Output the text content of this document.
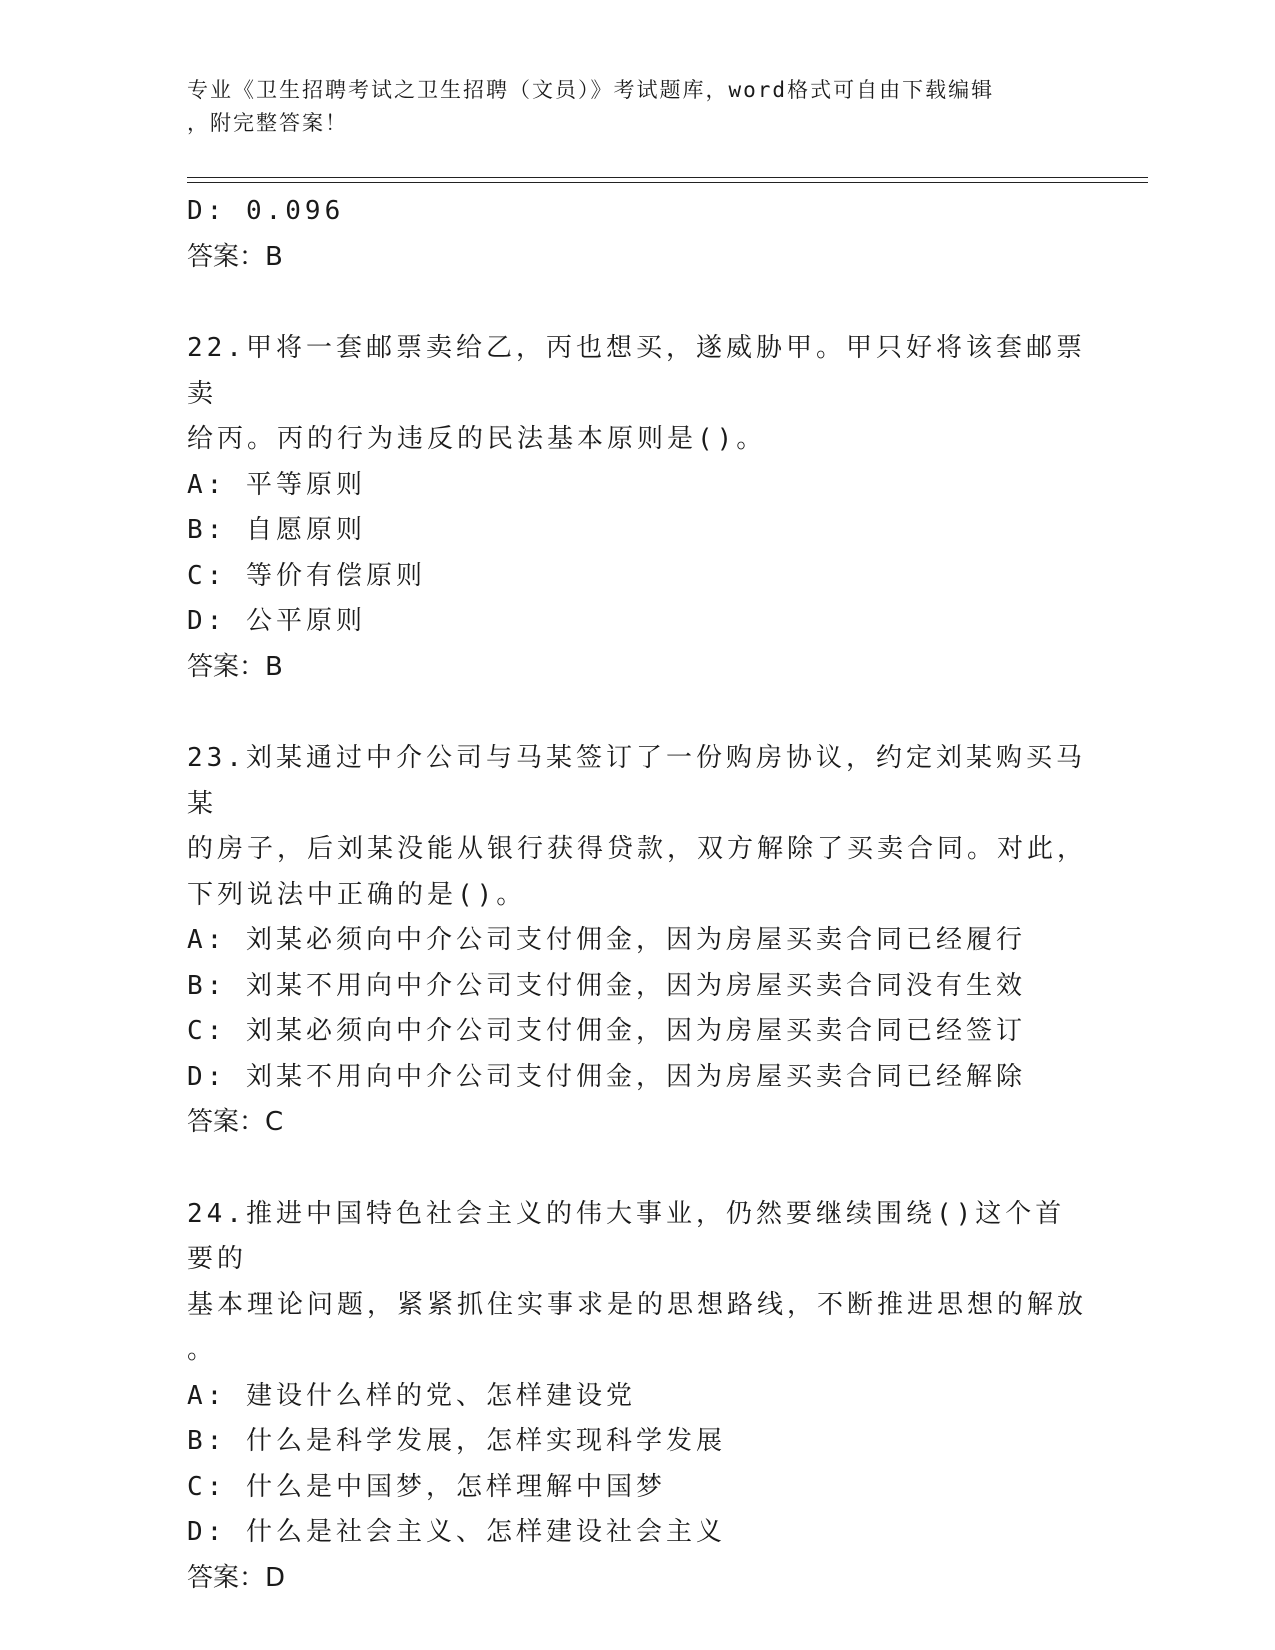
专业《卫生招聘考试之卫生招聘（文员）》考试题库，word格式可自由下载编辑
，附完整答案！
D: 0.096
答案：B
22.甲将一套邮票卖给乙，丙也想买，遂威胁甲。甲只好将该套邮票卖
给丙。丙的行为违反的民法基本原则是()。
A: 平等原则
B: 自愿原则
C: 等价有偿原则
D: 公平原则
答案：B
23.刘某通过中介公司与马某签订了一份购房协议，约定刘某购买马某
的房子，后刘某没能从银行获得贷款，双方解除了买卖合同。对此，
下列说法中正确的是()。
A: 刘某必须向中介公司支付佣金，因为房屋买卖合同已经履行
B: 刘某不用向中介公司支付佣金，因为房屋买卖合同没有生效
C: 刘某必须向中介公司支付佣金，因为房屋买卖合同已经签订
D: 刘某不用向中介公司支付佣金，因为房屋买卖合同已经解除
答案：C
24.推进中国特色社会主义的伟大事业，仍然要继续围绕()这个首要的
基本理论问题，紧紧抓住实事求是的思想路线，不断推进思想的解放
。
A: 建设什么样的党、怎样建设党
B: 什么是科学发展，怎样实现科学发展
C: 什么是中国梦，怎样理解中国梦
D: 什么是社会主义、怎样建设社会主义
答案：D
